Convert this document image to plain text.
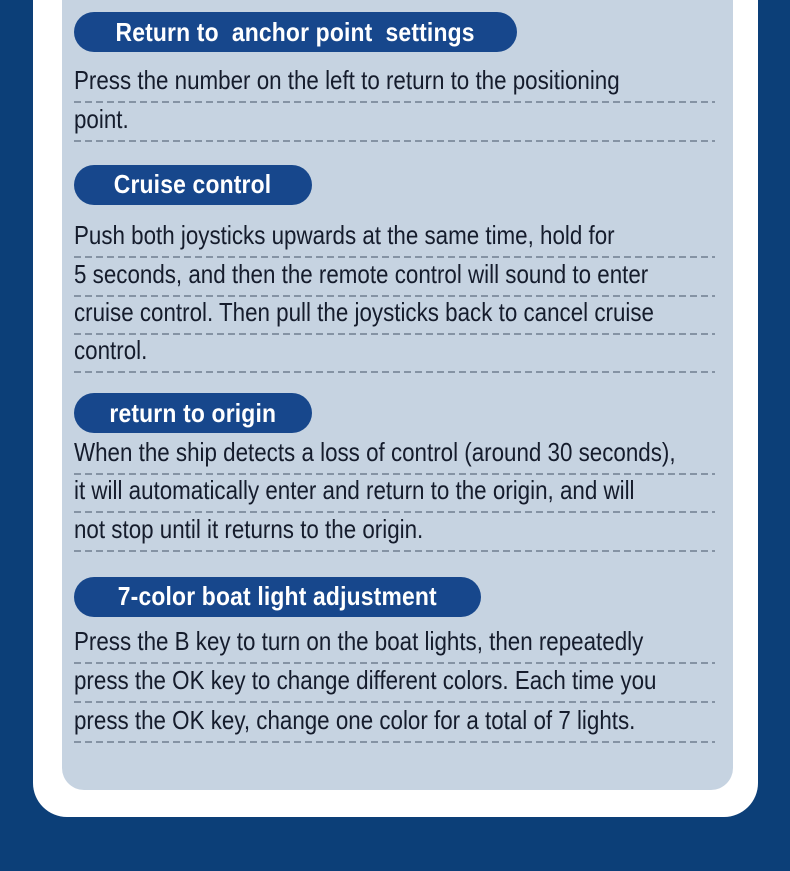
Return to  anchor point  settings
Press the number on the left to return to the positioning
point.
Cruise control
Push both joysticks upwards at the same time, hold for
5 seconds, and then the remote control will sound to enter
cruise control. Then pull the joysticks back to cancel cruise
control.
return to origin
When the ship detects a loss of control (around 30 seconds),
it will automatically enter and return to the origin, and will
not stop until it returns to the origin.
7-color boat light adjustment
Press the B key to turn on the boat lights, then repeatedly
press the OK key to change different colors. Each time you
press the OK key, change one color for a total of 7 lights.
